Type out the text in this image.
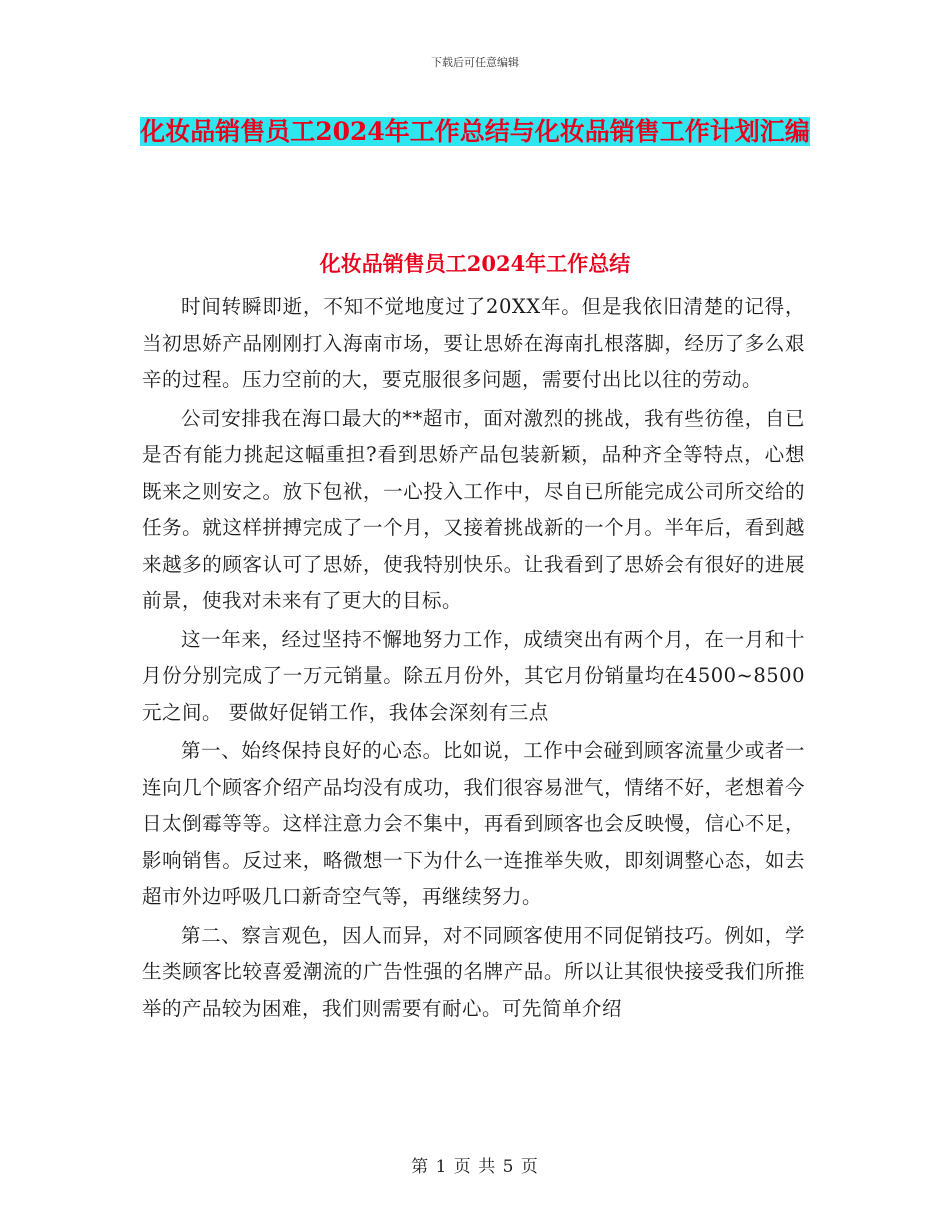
下载后可任意编辑
化妆品销售员工2024年工作总结与化妆品销售工作计划汇编
化妆品销售员工2024年工作总结

时间转瞬即逝，不知不觉地度过了20XX年。但是我依旧清楚的记得，当初思娇产品刚刚打入海南市场，要让思娇在海南扎根落脚，经历了多么艰辛的过程。压力空前的大，要克服很多问题，需要付出比以往的劳动。

公司安排我在海口最大的**超市，面对激烈的挑战，我有些彷徨，自已是否有能力挑起这幅重担?看到思娇产品包装新颖，品种齐全等特点，心想既来之则安之。放下包袱，一心投入工作中，尽自已所能完成公司所交给的任务。就这样拼搏完成了一个月，又接着挑战新的一个月。半年后，看到越来越多的顾客认可了思娇，使我特别快乐。让我看到了思娇会有很好的进展前景，使我对未来有了更大的目标。

这一年来，经过坚持不懈地努力工作，成绩突出有两个月，在一月和十月份分别完成了一万元销量。除五月份外，其它月份销量均在4500~8500元之间。 要做好促销工作，我体会深刻有三点

第一、始终保持良好的心态。比如说，工作中会碰到顾客流量少或者一连向几个顾客介绍产品均没有成功，我们很容易泄气，情绪不好，老想着今日太倒霉等等。这样注意力会不集中，再看到顾客也会反映慢，信心不足，影响销售。反过来，略微想一下为什么一连推举失败，即刻调整心态，如去超市外边呼吸几口新奇空气等，再继续努力。

第二、察言观色，因人而异，对不同顾客使用不同促销技巧。例如，学生类顾客比较喜爱潮流的广告性强的名牌产品。所以让其很快接受我们所推举的产品较为困难，我们则需要有耐心。可先简单介绍

第 1 页 共 5 页
